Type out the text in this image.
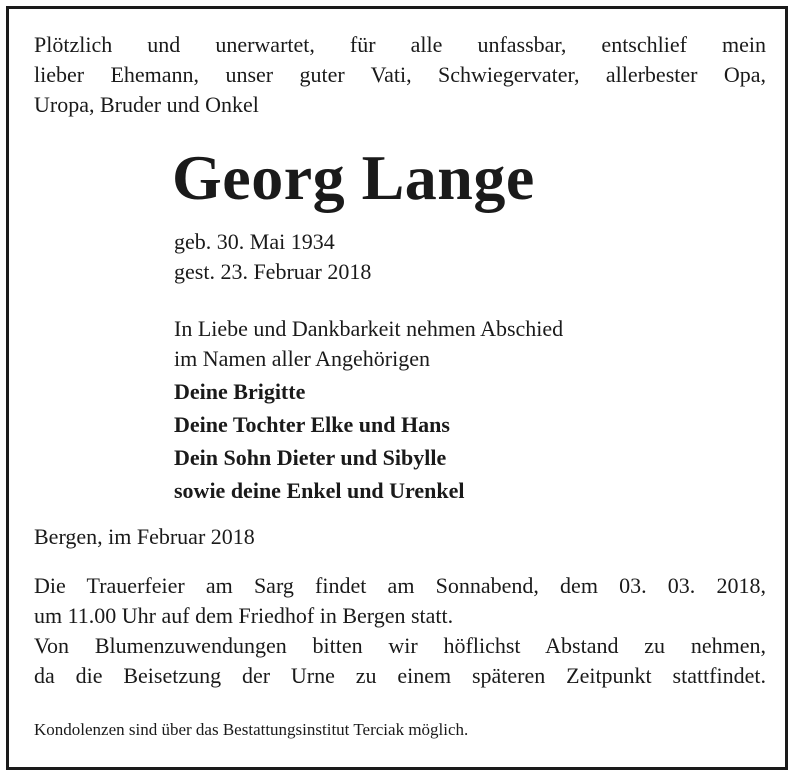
Plötzlich und unerwartet, für alle unfassbar, entschlief mein
lieber Ehemann, unser guter Vati, Schwiegervater, allerbester Opa,
Uropa, Bruder und Onkel
Georg Lange
geb. 30. Mai 1934
gest. 23. Februar 2018
In Liebe und Dankbarkeit nehmen Abschied
im Namen aller Angehörigen
Deine Brigitte
Deine Tochter Elke und Hans
Dein Sohn Dieter und Sibylle
sowie deine Enkel und Urenkel
Bergen, im Februar 2018
Die Trauerfeier am Sarg findet am Sonnabend, dem 03. 03. 2018,
um 11.00 Uhr auf dem Friedhof in Bergen statt.
Von Blumenzuwendungen bitten wir höflichst Abstand zu nehmen,
da die Beisetzung der Urne zu einem späteren Zeitpunkt stattfindet.
Kondolenzen sind über das Bestattungsinstitut Terciak möglich.
